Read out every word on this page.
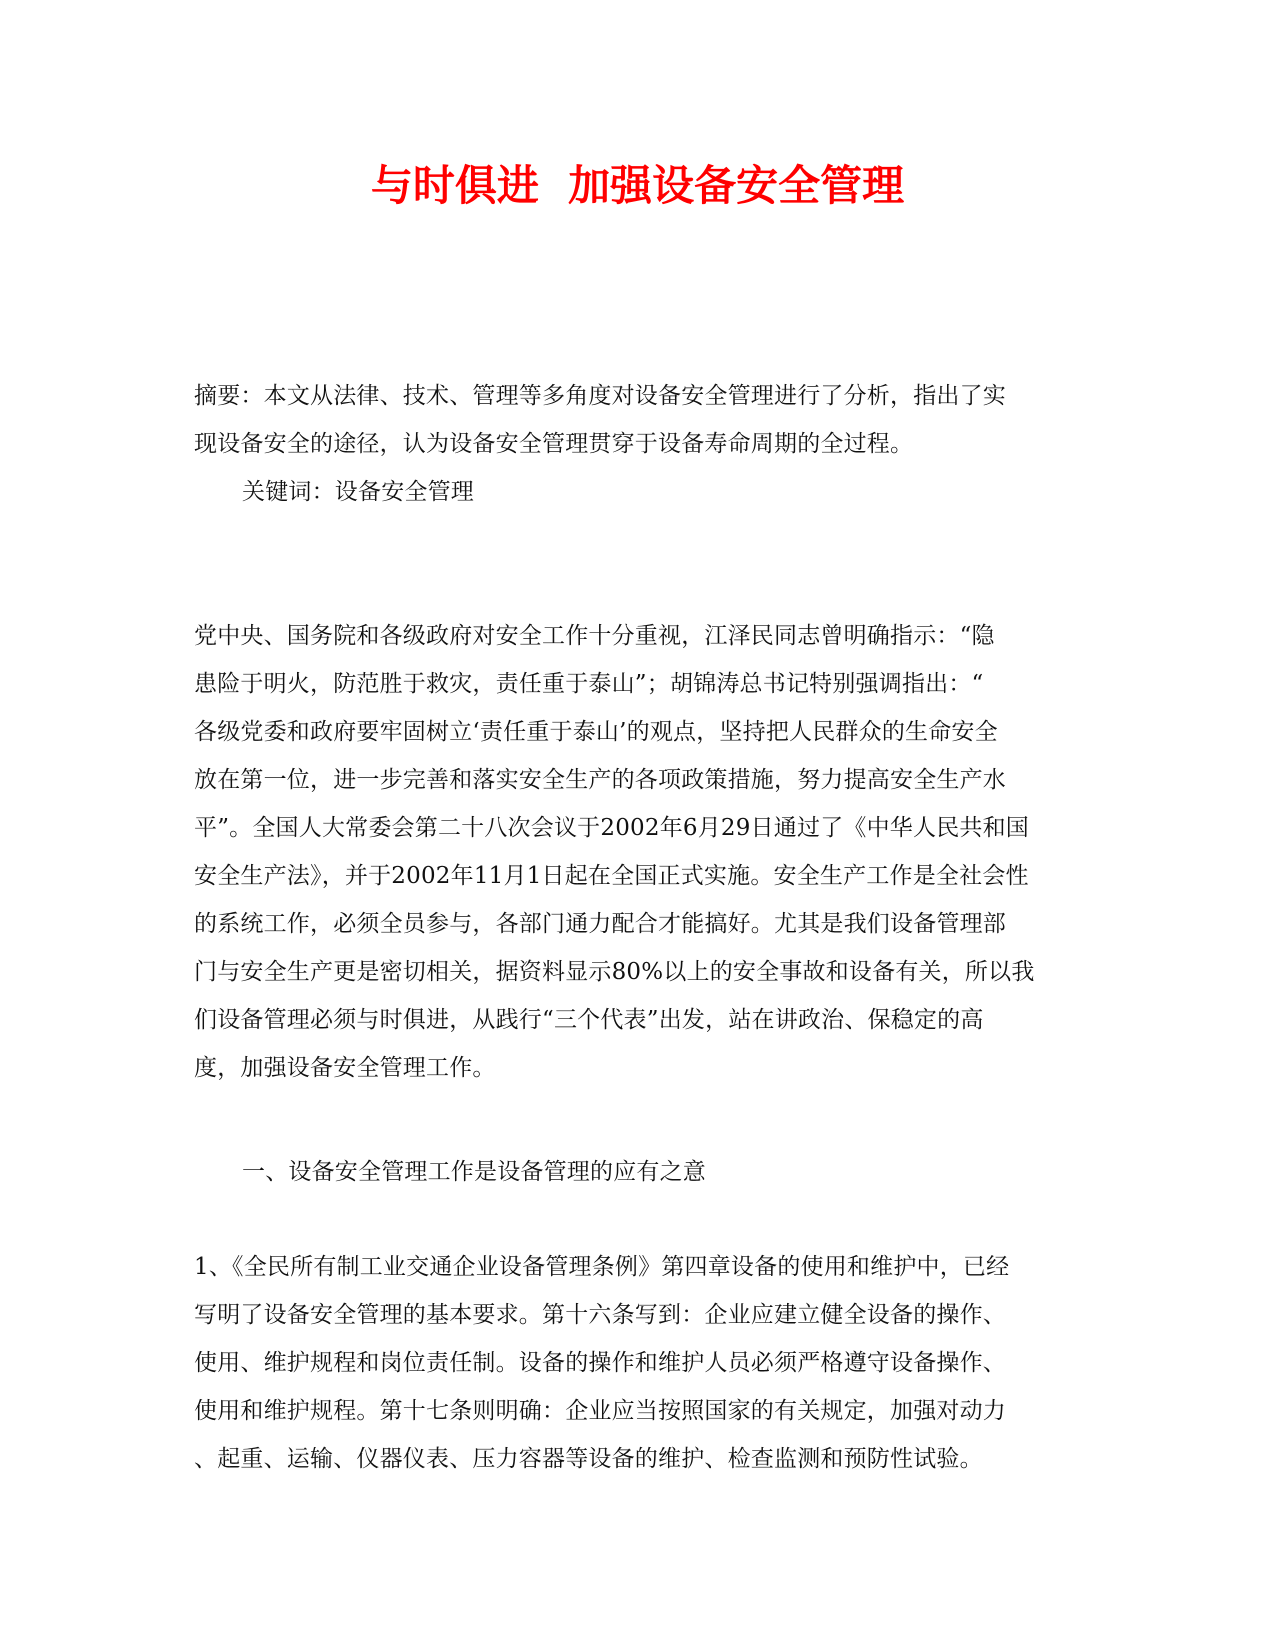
与时俱进  加强设备安全管理
摘要：本文从法律、技术、管理等多角度对设备安全管理进行了分析，指出了实
现设备安全的途径，认为设备安全管理贯穿于设备寿命周期的全过程。
关键词：设备安全管理
党中央、国务院和各级政府对安全工作十分重视，江泽民同志曾明确指示：“隐
患险于明火，防范胜于救灾，责任重于泰山”；胡锦涛总书记特别强调指出：“
各级党委和政府要牢固树立‘责任重于泰山’的观点，坚持把人民群众的生命安全
放在第一位，进一步完善和落实安全生产的各项政策措施，努力提高安全生产水
平”。全国人大常委会第二十八次会议于2002年6月29日通过了《中华人民共和国
安全生产法》，并于2002年11月1日起在全国正式实施。安全生产工作是全社会性
的系统工作，必须全员参与，各部门通力配合才能搞好。尤其是我们设备管理部
门与安全生产更是密切相关，据资料显示80%以上的安全事故和设备有关，所以我
们设备管理必须与时俱进，从践行“三个代表”出发，站在讲政治、保稳定的高
度，加强设备安全管理工作。
一、设备安全管理工作是设备管理的应有之意
1、《全民所有制工业交通企业设备管理条例》第四章设备的使用和维护中，已经
写明了设备安全管理的基本要求。第十六条写到：企业应建立健全设备的操作、
使用、维护规程和岗位责任制。设备的操作和维护人员必须严格遵守设备操作、
使用和维护规程。第十七条则明确：企业应当按照国家的有关规定，加强对动力
、起重、运输、仪器仪表、压力容器等设备的维护、检查监测和预防性试验。
